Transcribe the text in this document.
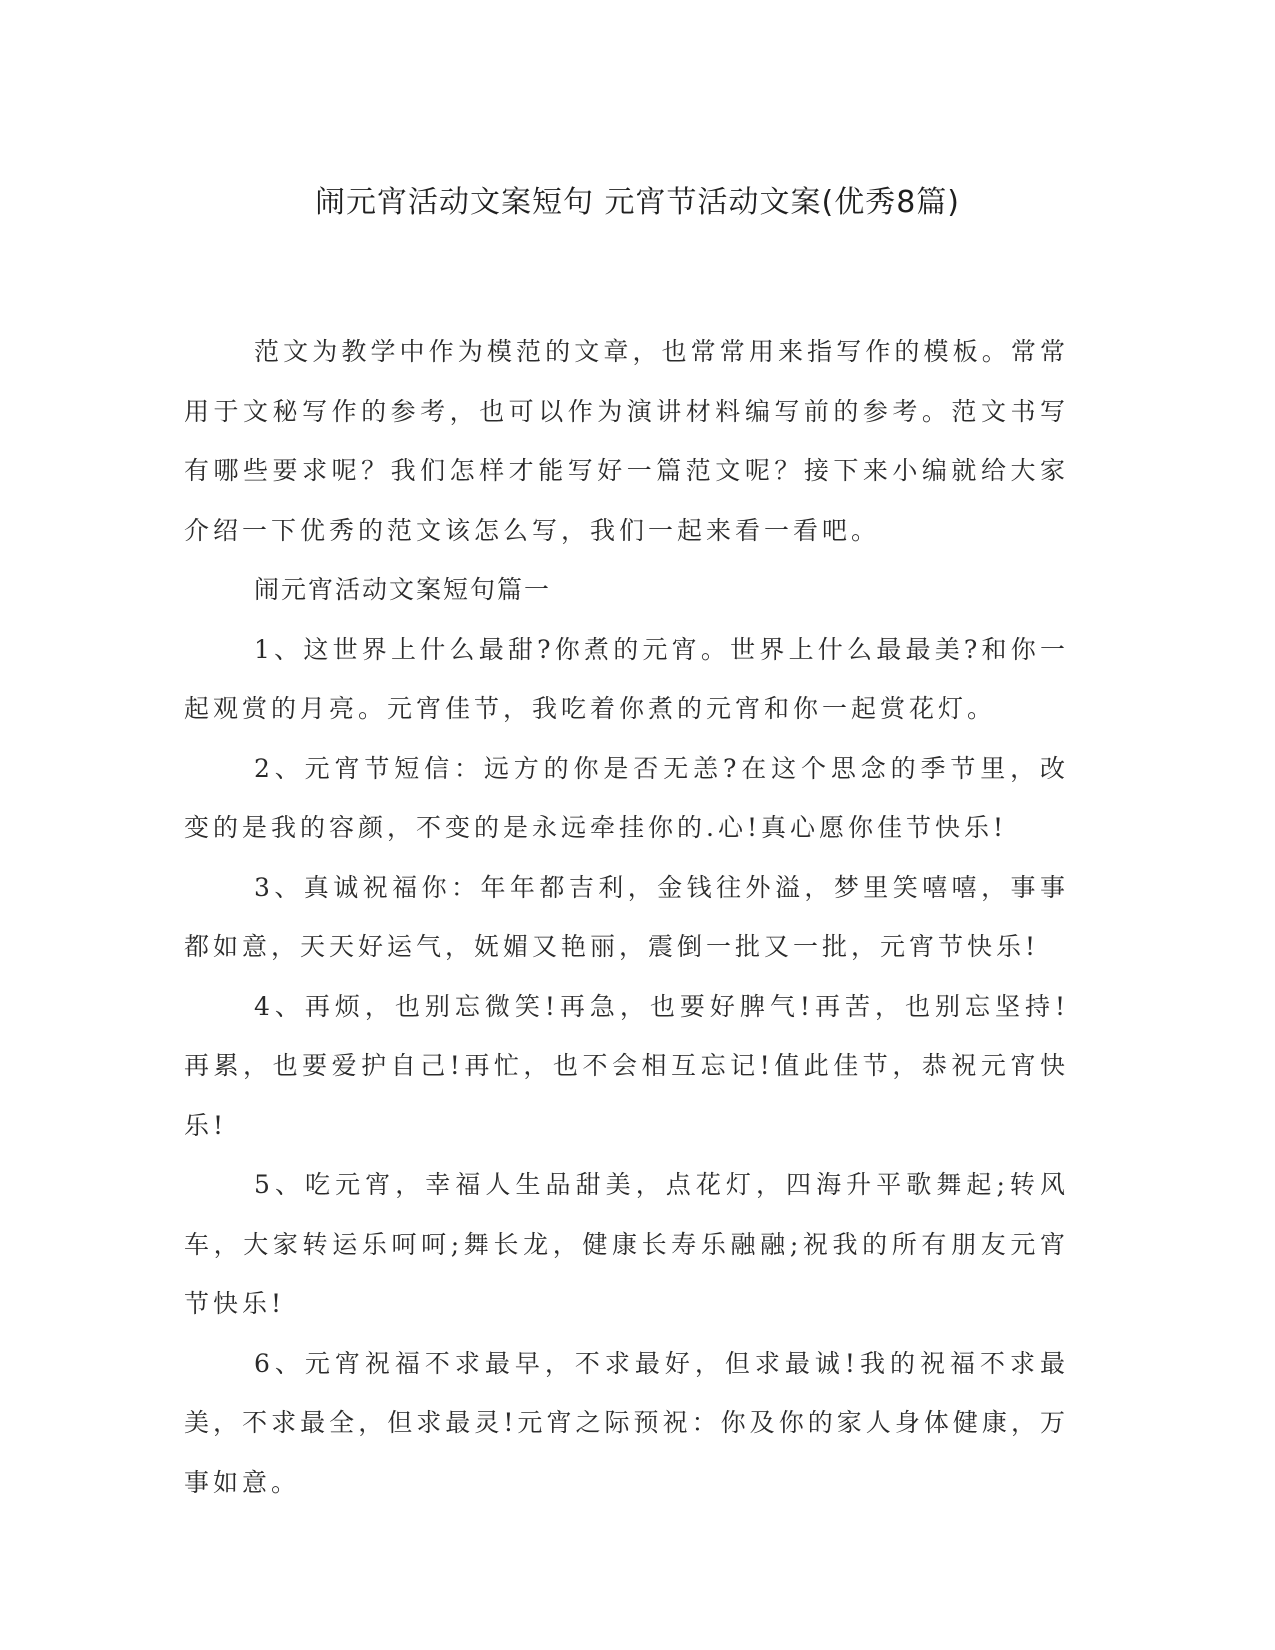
闹元宵活动文案短句 元宵节活动文案(优秀8篇)

范文为教学中作为模范的文章，也常常用来指写作的模板。常常用于文秘写作的参考，也可以作为演讲材料编写前的参考。范文书写有哪些要求呢？我们怎样才能写好一篇范文呢？接下来小编就给大家介绍一下优秀的范文该怎么写，我们一起来看一看吧。

闹元宵活动文案短句篇一

1、这世界上什么最甜?你煮的元宵。世界上什么最最美?和你一起观赏的月亮。元宵佳节，我吃着你煮的元宵和你一起赏花灯。

2、元宵节短信：远方的你是否无恙?在这个思念的季节里，改变的是我的容颜，不变的是永远牵挂你的.心!真心愿你佳节快乐!

3、真诚祝福你：年年都吉利，金钱往外溢，梦里笑嘻嘻，事事都如意，天天好运气，妩媚又艳丽，震倒一批又一批，元宵节快乐!

4、再烦，也别忘微笑!再急，也要好脾气!再苦，也别忘坚持!再累，也要爱护自己!再忙，也不会相互忘记!值此佳节，恭祝元宵快乐!

5、吃元宵，幸福人生品甜美，点花灯，四海升平歌舞起;转风车，大家转运乐呵呵;舞长龙，健康长寿乐融融;祝我的所有朋友元宵节快乐!

6、元宵祝福不求最早，不求最好，但求最诚!我的祝福不求最美，不求最全，但求最灵!元宵之际预祝：你及你的家人身体健康，万事如意。
